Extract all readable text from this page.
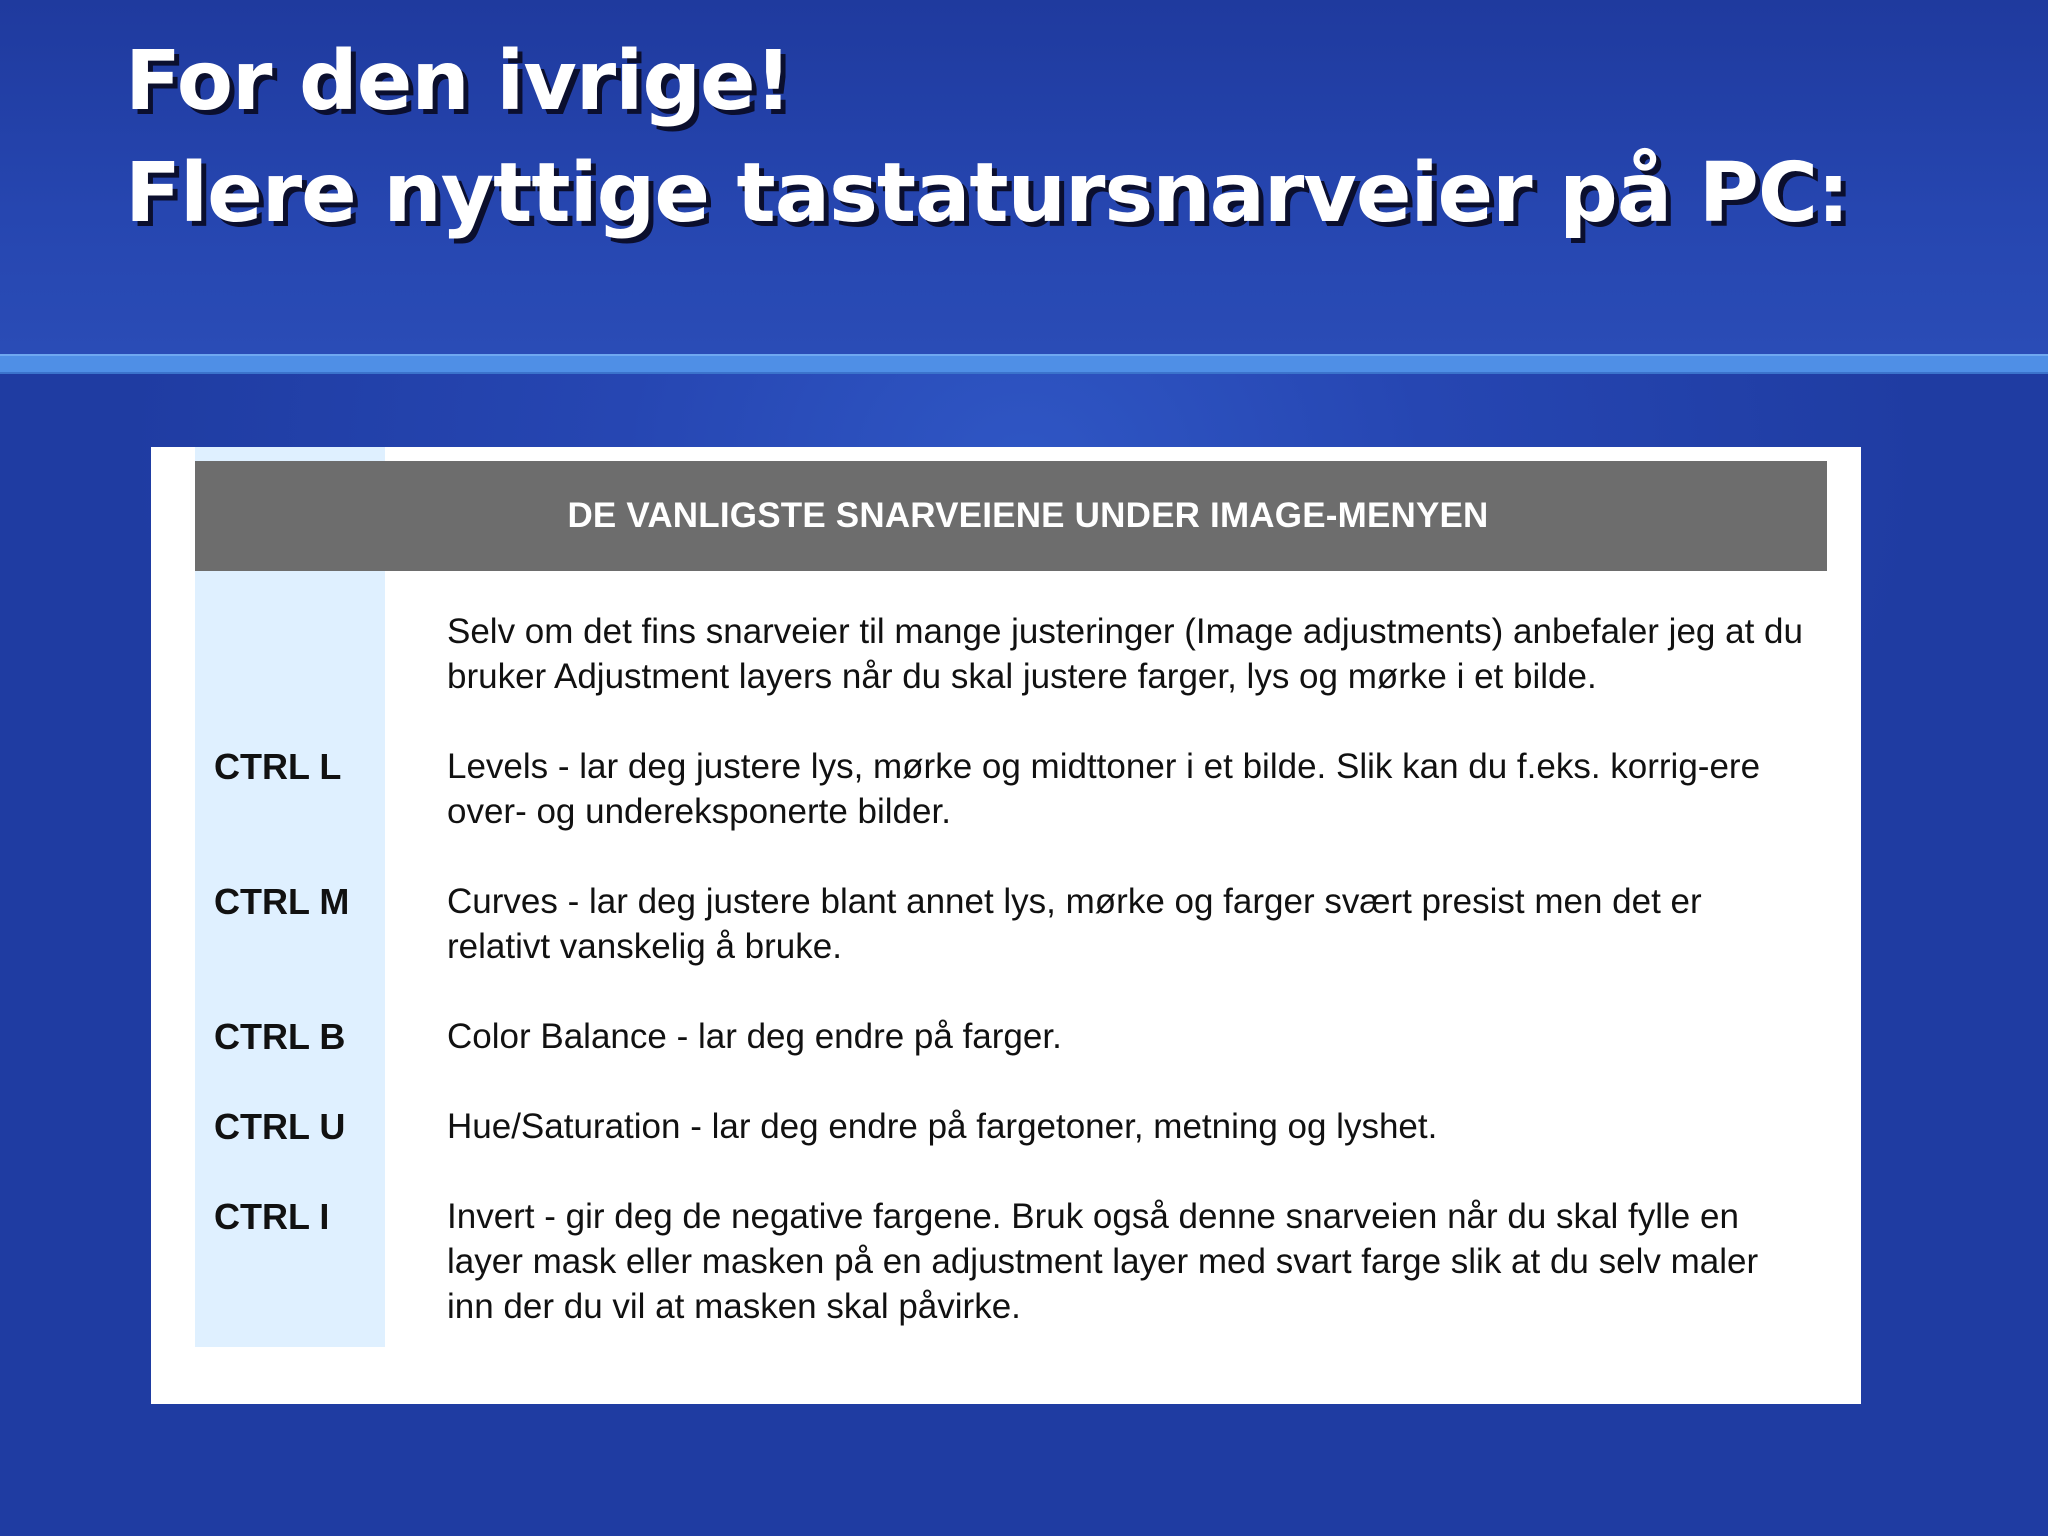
For den ivrige!
Flere nyttige tastatursnarveier på PC:
DE VANLIGSTE SNARVEIENE UNDER IMAGE-MENYEN

Selv om det fins snarveier til mange justeringer (Image adjustments) anbefaler jeg at du bruker Adjustment layers når du skal justere farger, lys og mørke i et bilde.

CTRL L	Levels - lar deg justere lys, mørke og midttoner i et bilde. Slik kan du f.eks. korrig-ere over- og undereksponerte bilder.

CTRL M	Curves - lar deg justere blant annet lys, mørke og farger svært presist men det er relativt vanskelig å bruke.

CTRL B	Color Balance - lar deg endre på farger.

CTRL U	Hue/Saturation - lar deg endre på fargetoner, metning og lyshet.

CTRL I	Invert - gir deg de negative fargene. Bruk også denne snarveien når du skal fylle en layer mask eller masken på en adjustment layer med svart farge slik at du selv maler inn der du vil at masken skal påvirke.
